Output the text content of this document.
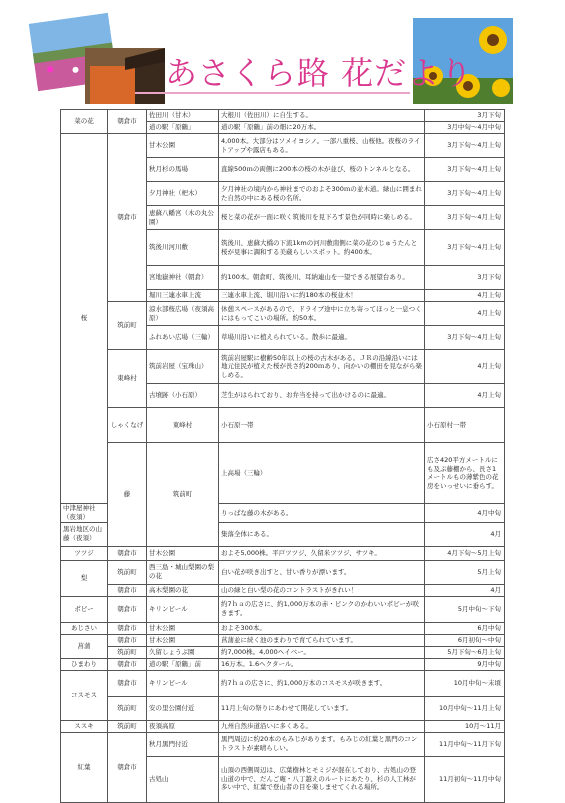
あさくら路 花だより
菜の花	朝倉市	佐田川（甘木）	大根川（佐田川）に自生する。	3月下旬	
		道の駅「原鶴」	道の駅「原鶴」前の畑に20万本。	3月中旬～4月中旬	
桜	朝倉市	甘木公園	4,000本。大部分はソメイヨシノ。一部八重桜、山桜他。夜桜のライトアップや露店もある。	3月下旬～4月上旬	
		秋月杉の馬場	直線500ｍの両側に200本の桜の木が並び、桜のトンネルとなる。	3月下旬～4月上旬	
		夕月神社（杷木）	夕月神社の境内から神社までのおよそ300ｍの並木道。緑山に囲まれた自然の中にある桜の名所。	3月下旬～4月上旬	
		恵蘇八幡宮（木の丸公園）	桜と菜の花が一面に咲く筑後川を見下ろす景色が同時に楽しめる。	3月下旬～4月上旬	
		筑後川河川敷	筑後川、恵蘇大橋の下流1kmの河川敷南側に菜の花のじゅうたんと桜が見事に調和する美蔵らしいスポット。約400本。	3月下旬～4月上旬	
		宮地嶽神社（朝倉）	約100本。朝倉町、筑後川、耳納連山を一望できる展望台あり。	3月下旬	
		堀川三連水車上流	三連水車上流、堀川沿いに約180本の桜並木！	4月上旬	
	筑前町	涼水部桜広場（夜須高原）	休憩スペースがあるので、ドライブ途中に立ち寄ってほっと一息つくにはもってこいの場所。約50本。	4月上旬	
		ふれあい広場（三輪）	草場川沿いに植えられている。散歩に最適。	3月下旬～4月上旬	
	東峰村	筑前岩屋（宝珠山）	筑前岩屋駅に樹齢50年以上の桜の古木がある。ＪＲの沿線沿いには地元住民が植えた桜が長さ約200ｍあり、向かいの棚田を見ながら楽しめる。	4月上旬	
		古墳跡（小石原）	芝生がはられており、お弁当を持って出かけるのに最適。	4月上旬	
	しゃくなげ	東峰村	小石原一帯	小石原村一帯	
	藤	筑前町	上高場（三輪）	広さ420平方メートルにも及ぶ藤棚から、長さ1メートルもの薄紫色の花房をいっせいに垂らす。	
中津屋神社（夜須）			りっぱな藤の木がある。	4月中旬	
黒岩地区の山藤（夜須）			集落全体にある。	4月	
ツツジ	朝倉市	甘木公園	およそ5,000株。平戸ツツジ、久留米ツツジ、サツキ。	4月下旬～5月上旬	
梨	筑前町	西三島・城山梨園の梨の花	白い花が咲き出すと、甘い香りが漂います。	5月上旬	
	朝倉市	高木梨園の花	山の緑と白い梨の花のコントラストがきれい！	4月	
ポピー	朝倉市	キリンビール	約7ｈａの広さに、約1,000万本の赤・ピンクのかわいいポピーが咲きます。	5月中旬～下旬	
あじさい	朝倉市	甘木公園	およそ300本。	6月中旬	
菖蒲	朝倉市	甘木公園	菖蒲並に続く池のまわりで育てられています。	6月初旬～中旬	
	筑前町	久留しょうぶ園	約7,000株。4,000ヘイベー。	5月下旬～6月上旬	
ひまわり	朝倉市	道の駅「原鶴」前	16万本。1.6ヘクタール。	9月中旬	
コスモス	朝倉市	キリンビール	約7ｈａの広さに、約1,000万本のコスモスが咲きます。	10月中旬～末頃	
	筑前町	安の里公園付近	11月上旬の祭りにあわせて開花しています。	10月中旬～11月上旬	
ススキ	筑前町	夜須高原	九州自然歩道沿いに多くある。	10月～11月	
紅葉	朝倉市	秋月黒門付近	黒門周辺に約20本のもみじがあります。もみじの紅葉と黒門のコントラストが素晴らしい。	11月中旬～11月下旬	
		古処山	山頂の西側周辺は、広葉樹林とモミジが混在しており、古処山の登山道の中で、だんご庵・八丁越えのルートにあたり、杉の人工林が多い中で、紅葉で登山者の目を楽しませてくれる場所。	11月初旬～11月中旬	
